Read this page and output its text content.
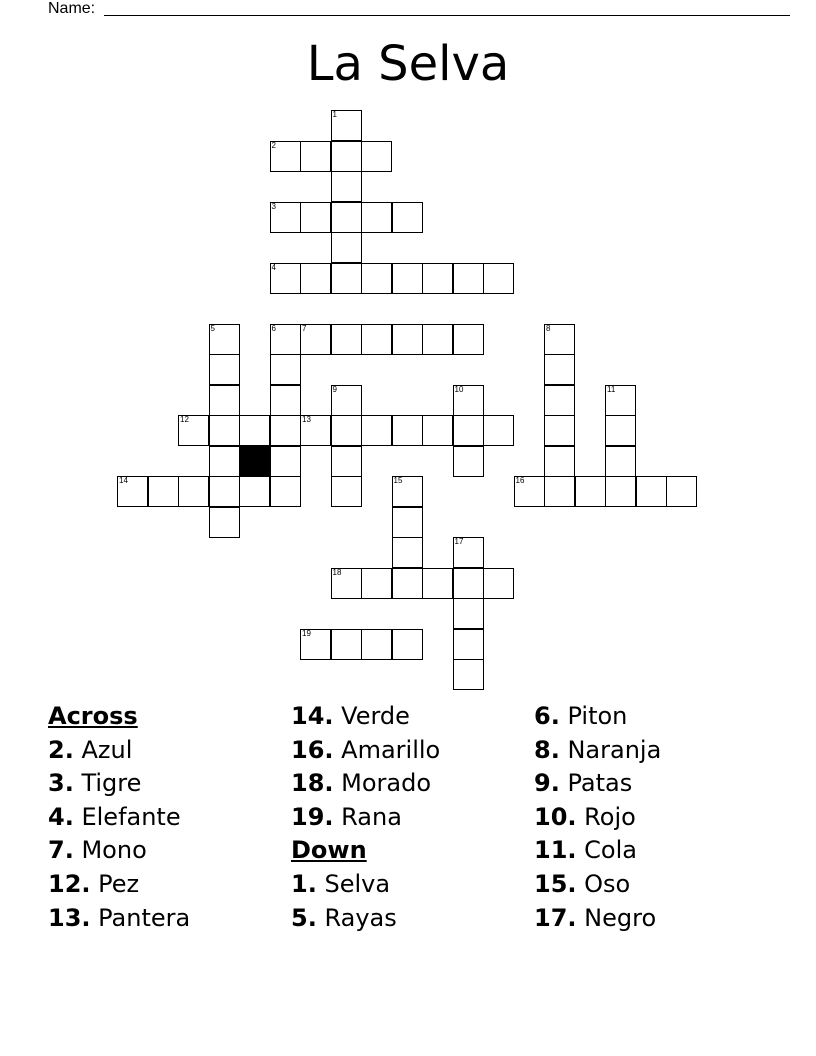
Name:
La Selva
1
2
3
4
5	6	7	8
9	10	11
12	13
14	15	16
17
18
19
Across
2. Azul
3. Tigre
4. Elefante
7. Mono
12. Pez
13. Pantera
14. Verde
16. Amarillo
18. Morado
19. Rana
Down
1. Selva
5. Rayas
6. Piton
8. Naranja
9. Patas
10. Rojo
11. Cola
15. Oso
17. Negro
